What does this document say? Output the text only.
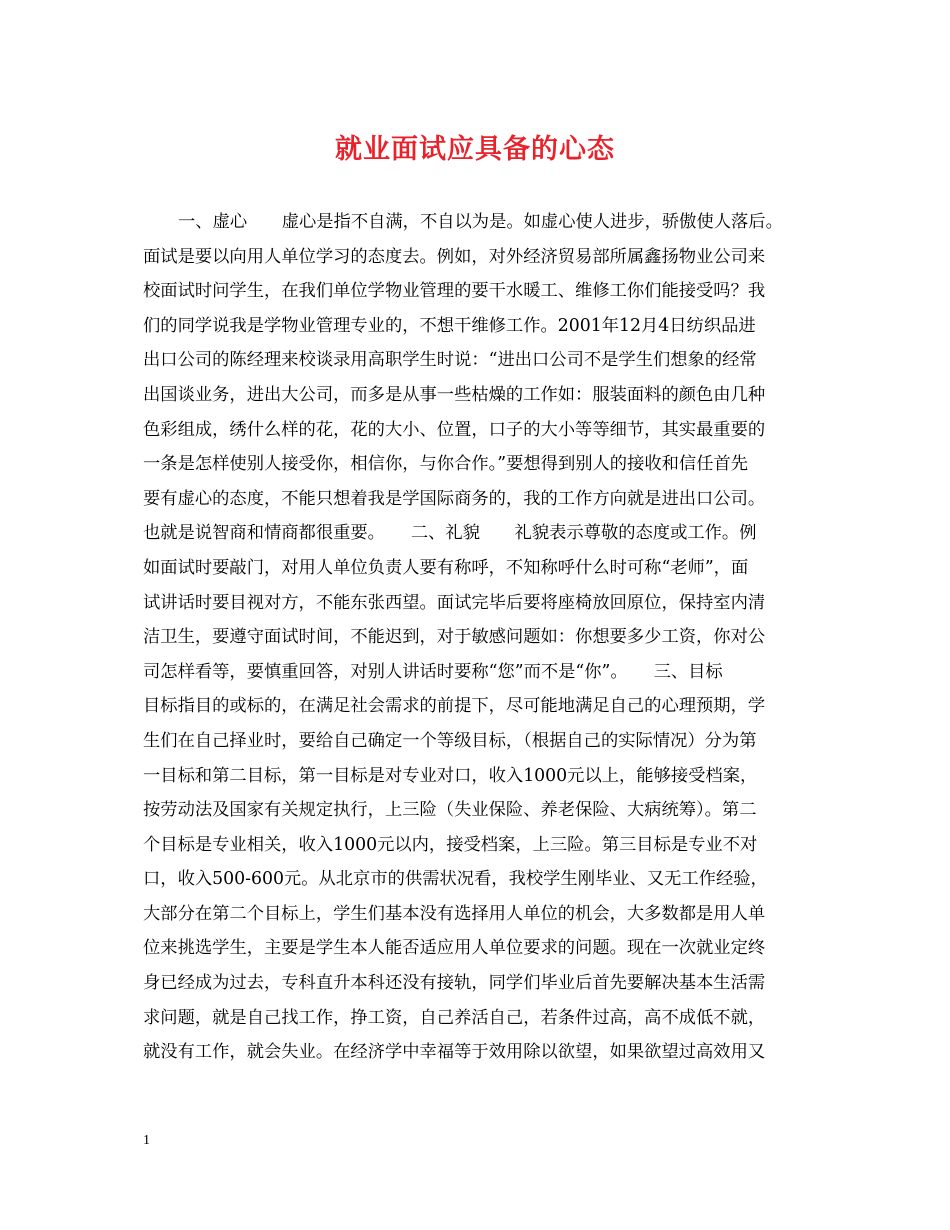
就业面试应具备的心态
一、虚心　　虚心是指不自满，不自以为是。如虚心使人进步，骄傲使人落后。
面试是要以向用人单位学习的态度去。例如，对外经济贸易部所属鑫扬物业公司来
校面试时问学生，在我们单位学物业管理的要干水暖工、维修工你们能接受吗？我
们的同学说我是学物业管理专业的，不想干维修工作。2001年12月4日纺织品进
出口公司的陈经理来校谈录用高职学生时说：“进出口公司不是学生们想象的经常
出国谈业务，进出大公司，而多是从事一些枯燥的工作如：服装面料的颜色由几种
色彩组成，绣什么样的花，花的大小、位置，口子的大小等等细节，其实最重要的
一条是怎样使别人接受你，相信你，与你合作。”要想得到别人的接收和信任首先
要有虚心的态度，不能只想着我是学国际商务的，我的工作方向就是进出口公司。
也就是说智商和情商都很重要。　　二、礼貌　　礼貌表示尊敬的态度或工作。例
如面试时要敲门，对用人单位负责人要有称呼，不知称呼什么时可称“老师”，面
试讲话时要目视对方，不能东张西望。面试完毕后要将座椅放回原位，保持室内清
洁卫生，要遵守面试时间，不能迟到，对于敏感问题如：你想要多少工资，你对公
司怎样看等，要慎重回答，对别人讲话时要称“您”而不是“你”。　　三、目标
目标指目的或标的，在满足社会需求的前提下，尽可能地满足自己的心理预期，学
生们在自己择业时，要给自己确定一个等级目标，（根据自己的实际情况）分为第
一目标和第二目标，第一目标是对专业对口，收入1000元以上，能够接受档案，
按劳动法及国家有关规定执行，上三险（失业保险、养老保险、大病统筹）。第二
个目标是专业相关，收入1000元以内，接受档案，上三险。第三目标是专业不对
口，收入500-600元。从北京市的供需状况看，我校学生刚毕业、又无工作经验，
大部分在第二个目标上，学生们基本没有选择用人单位的机会，大多数都是用人单
位来挑选学生，主要是学生本人能否适应用人单位要求的问题。现在一次就业定终
身已经成为过去，专科直升本科还没有接轨，同学们毕业后首先要解决基本生活需
求问题，就是自己找工作，挣工资，自己养活自己，若条件过高，高不成低不就，
就没有工作，就会失业。在经济学中幸福等于效用除以欲望，如果欲望过高效用又
1
